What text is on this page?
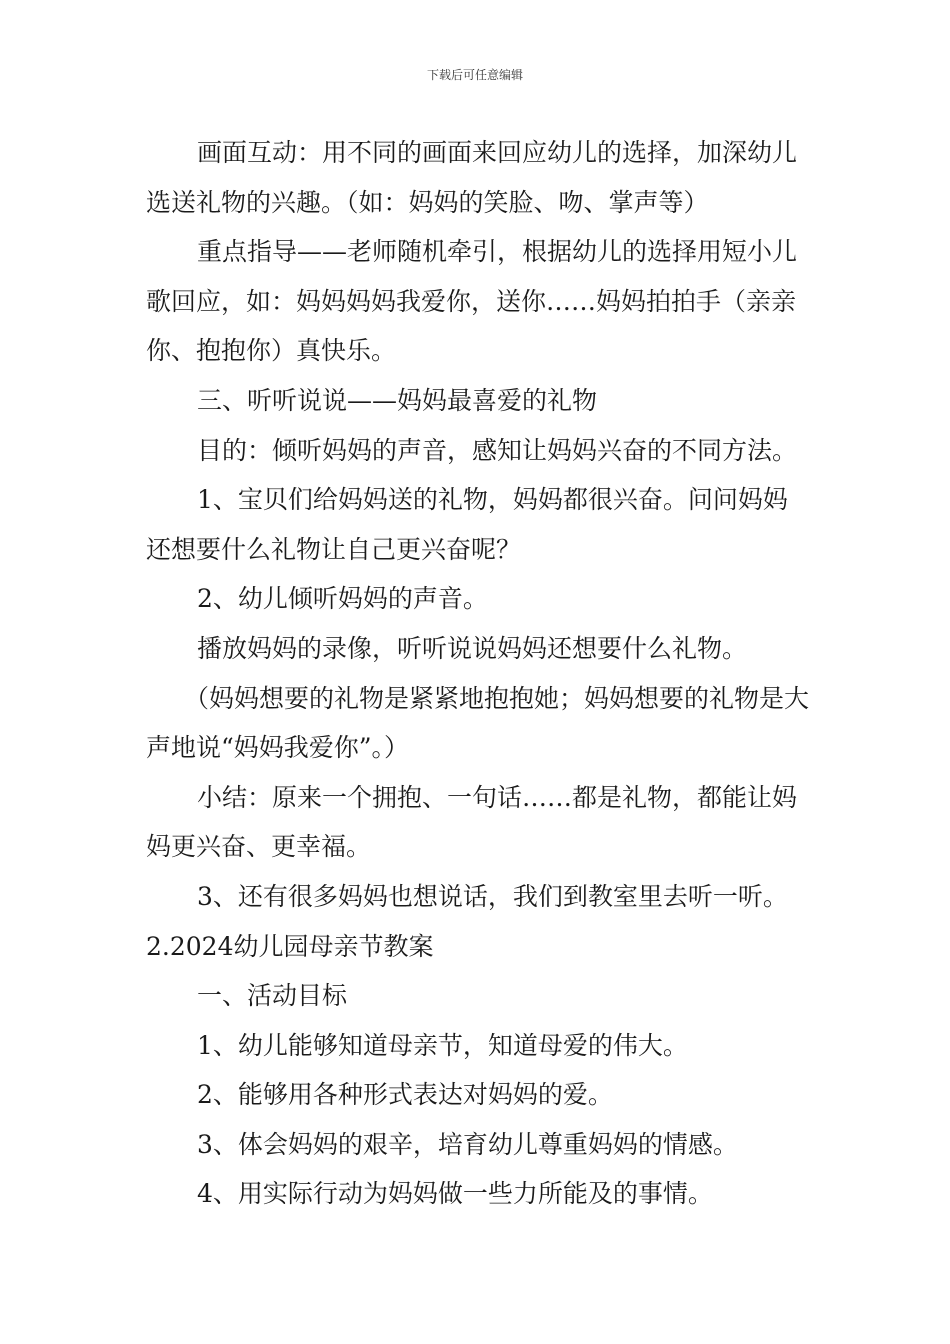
下载后可任意编辑

画面互动：用不同的画面来回应幼儿的选择，加深幼儿选送礼物的兴趣。（如：妈妈的笑脸、吻、掌声等）

重点指导——老师随机牵引，根据幼儿的选择用短小儿歌回应，如：妈妈妈妈我爱你，送你……妈妈拍拍手（亲亲你、抱抱你）真快乐。

三、听听说说——妈妈最喜爱的礼物

目的：倾听妈妈的声音，感知让妈妈兴奋的不同方法。

1、宝贝们给妈妈送的礼物，妈妈都很兴奋。问问妈妈还想要什么礼物让自己更兴奋呢？

2、幼儿倾听妈妈的声音。

播放妈妈的录像，听听说说妈妈还想要什么礼物。

（妈妈想要的礼物是紧紧地抱抱她；妈妈想要的礼物是大声地说“妈妈我爱你”。）

小结：原来一个拥抱、一句话……都是礼物，都能让妈妈更兴奋、更幸福。

3、还有很多妈妈也想说话，我们到教室里去听一听。

2.2024幼儿园母亲节教案

一、活动目标

1、幼儿能够知道母亲节，知道母爱的伟大。

2、能够用各种形式表达对妈妈的爱。

3、体会妈妈的艰辛，培育幼儿尊重妈妈的情感。

4、用实际行动为妈妈做一些力所能及的事情。
